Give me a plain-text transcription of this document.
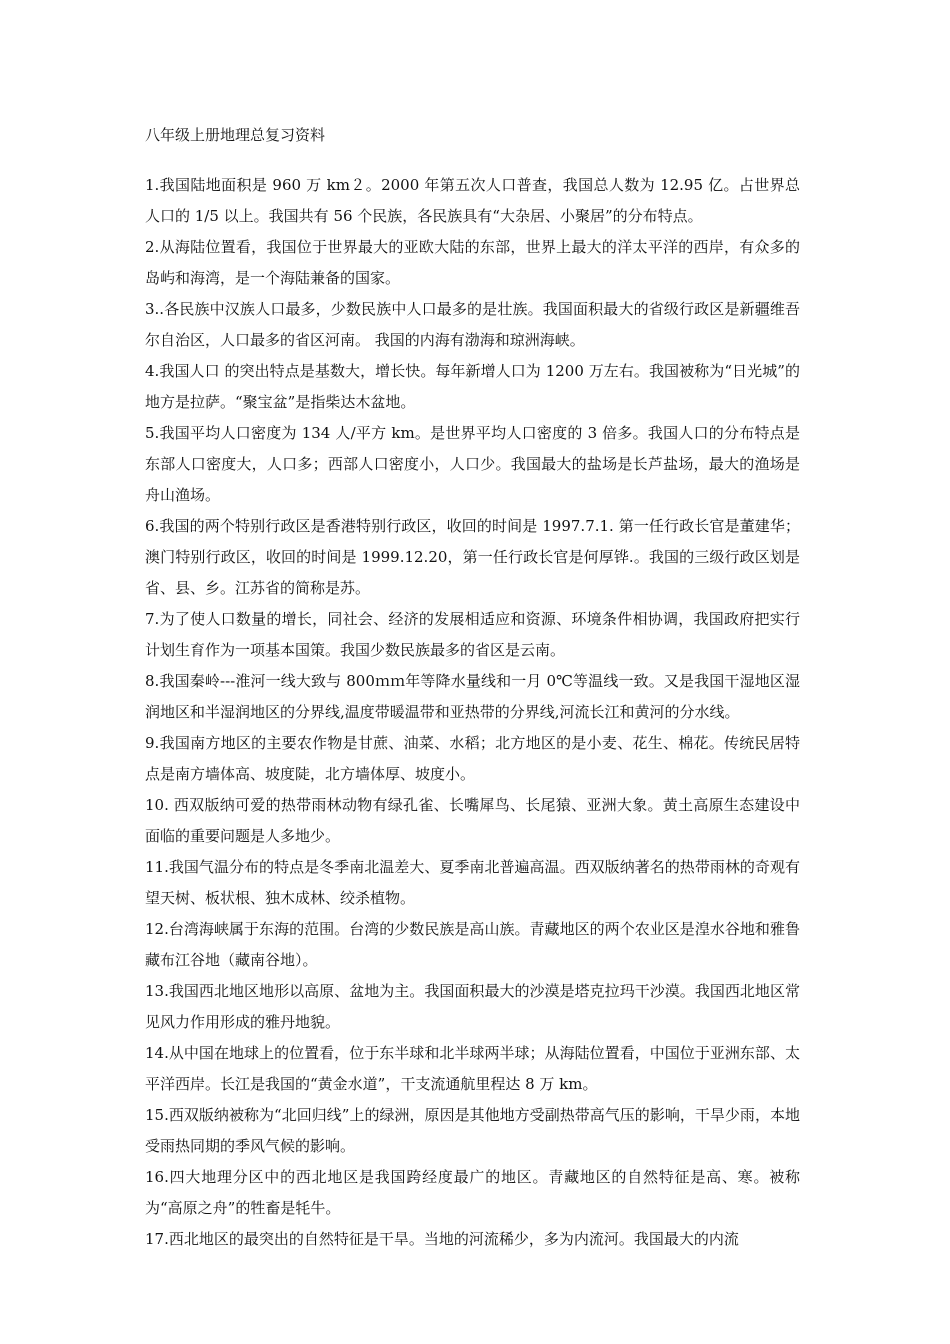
八年级上册地理总复习资料

1.我国陆地面积是 960 万 km２。2000 年第五次人口普查，我国总人数为 12.95 亿。占世界总人口的 1/5 以上。我国共有 56 个民族，各民族具有“大杂居、小聚居”的分布特点。

2.从海陆位置看，我国位于世界最大的亚欧大陆的东部，世界上最大的洋太平洋的西岸，有众多的岛屿和海湾，是一个海陆兼备的国家。

3..各民族中汉族人口最多，少数民族中人口最多的是壮族。我国面积最大的省级行政区是新疆维吾尔自治区，人口最多的省区河南。 我国的内海有渤海和琼洲海峡。

4.我国人口 的突出特点是基数大，增长快。每年新增人口为 1200 万左右。我国被称为“日光城”的地方是拉萨。“聚宝盆”是指柴达木盆地。

5.我国平均人口密度为 134 人/平方 km。是世界平均人口密度的 3 倍多。我国人口的分布特点是东部人口密度大，人口多；西部人口密度小，人口少。我国最大的盐场是长芦盐场，最大的渔场是舟山渔场。

6.我国的两个特别行政区是香港特别行政区，收回的时间是 1997.7.1. 第一任行政长官是董建华；澳门特别行政区，收回的时间是 1999.12.20，第一任行政长官是何厚铧.。我国的三级行政区划是省、县、乡。江苏省的简称是苏。

7.为了使人口数量的增长，同社会、经济的发展相适应和资源、环境条件相协调，我国政府把实行计划生育作为一项基本国策。我国少数民族最多的省区是云南。

8.我国秦岭---淮河一线大致与 800ｍｍ年等降水量线和一月 0℃等温线一致。又是我国干湿地区湿润地区和半湿润地区的分界线,温度带暖温带和亚热带的分界线,河流长江和黄河的分水线。

9.我国南方地区的主要农作物是甘蔗、油菜、水稻；北方地区的是小麦、花生、棉花。传统民居特点是南方墙体高、坡度陡，北方墙体厚、坡度小。

10. 西双版纳可爱的热带雨林动物有绿孔雀、长嘴犀鸟、长尾猿、亚洲大象。黄土高原生态建设中面临的重要问题是人多地少。

11.我国气温分布的特点是冬季南北温差大、夏季南北普遍高温。西双版纳著名的热带雨林的奇观有望天树、板状根、独木成林、绞杀植物。

12.台湾海峡属于东海的范围。台湾的少数民族是高山族。青藏地区的两个农业区是湟水谷地和雅鲁藏布江谷地（藏南谷地）。

13.我国西北地区地形以高原、盆地为主。我国面积最大的沙漠是塔克拉玛干沙漠。我国西北地区常见风力作用形成的雅丹地貌。

14.从中国在地球上的位置看，位于东半球和北半球两半球；从海陆位置看，中国位于亚洲东部、太平洋西岸。长江是我国的“黄金水道”，干支流通航里程达 8 万 km。

15.西双版纳被称为“北回归线”上的绿洲，原因是其他地方受副热带高气压的影响，干旱少雨，本地受雨热同期的季风气候的影响。

16.四大地理分区中的西北地区是我国跨经度最广的地区。青藏地区的自然特征是高、寒。被称为“高原之舟”的牲畜是牦牛。

17.西北地区的最突出的自然特征是干旱。当地的河流稀少，多为内流河。我国最大的内流
